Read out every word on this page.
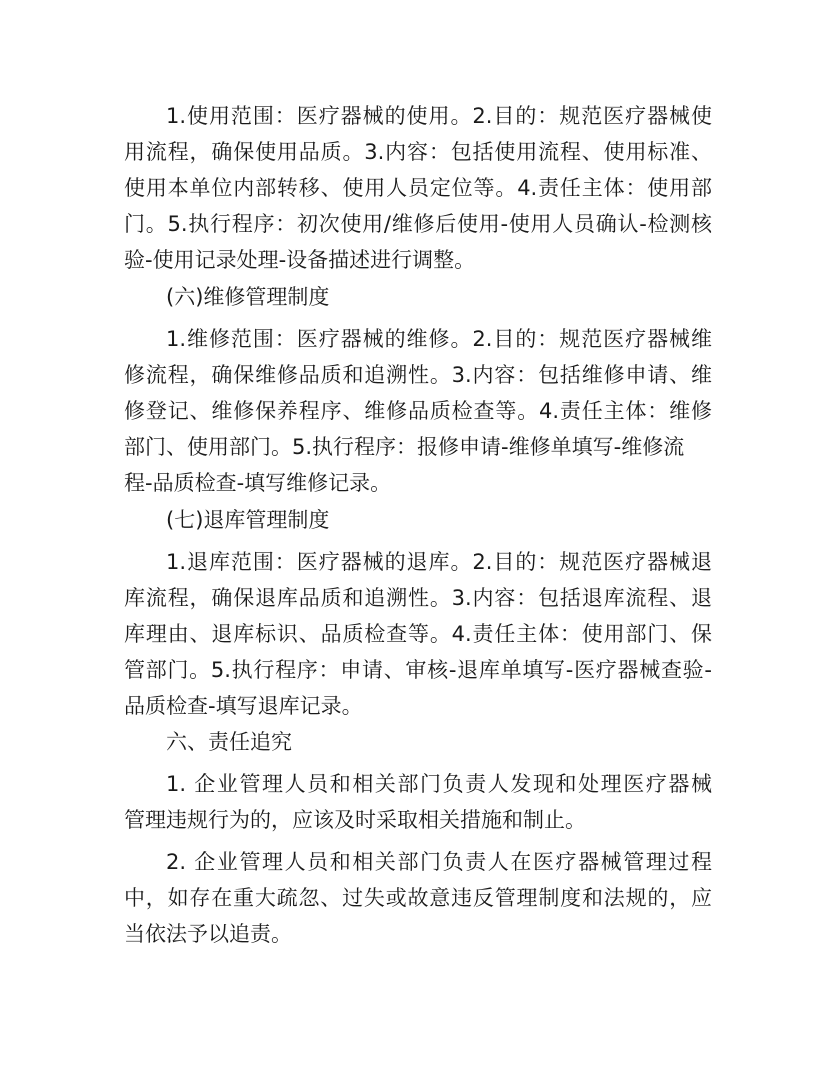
1.使用范围：医疗器械的使用。2.目的：规范医疗器械使
用流程，确保使用品质。3.内容：包括使用流程、使用标准、
使用本单位内部转移、使用人员定位等。4.责任主体：使用部
门。5.执行程序：初次使用/维修后使用-使用人员确认-检测核
验-使用记录处理-设备描述进行调整。
(六)维修管理制度
1.维修范围：医疗器械的维修。2.目的：规范医疗器械维
修流程，确保维修品质和追溯性。3.内容：包括维修申请、维
修登记、维修保养程序、维修品质检查等。4.责任主体：维修
部门、使用部门。5.执行程序：报修申请-维修单填写-维修流
程-品质检查-填写维修记录。
(七)退库管理制度
1.退库范围：医疗器械的退库。2.目的：规范医疗器械退
库流程，确保退库品质和追溯性。3.内容：包括退库流程、退
库理由、退库标识、品质检查等。4.责任主体：使用部门、保
管部门。5.执行程序：申请、审核-退库单填写-医疗器械查验-
品质检查-填写退库记录。
六、责任追究
1. 企业管理人员和相关部门负责人发现和处理医疗器械
管理违规行为的，应该及时采取相关措施和制止。
2. 企业管理人员和相关部门负责人在医疗器械管理过程
中，如存在重大疏忽、过失或故意违反管理制度和法规的，应
当依法予以追责。
